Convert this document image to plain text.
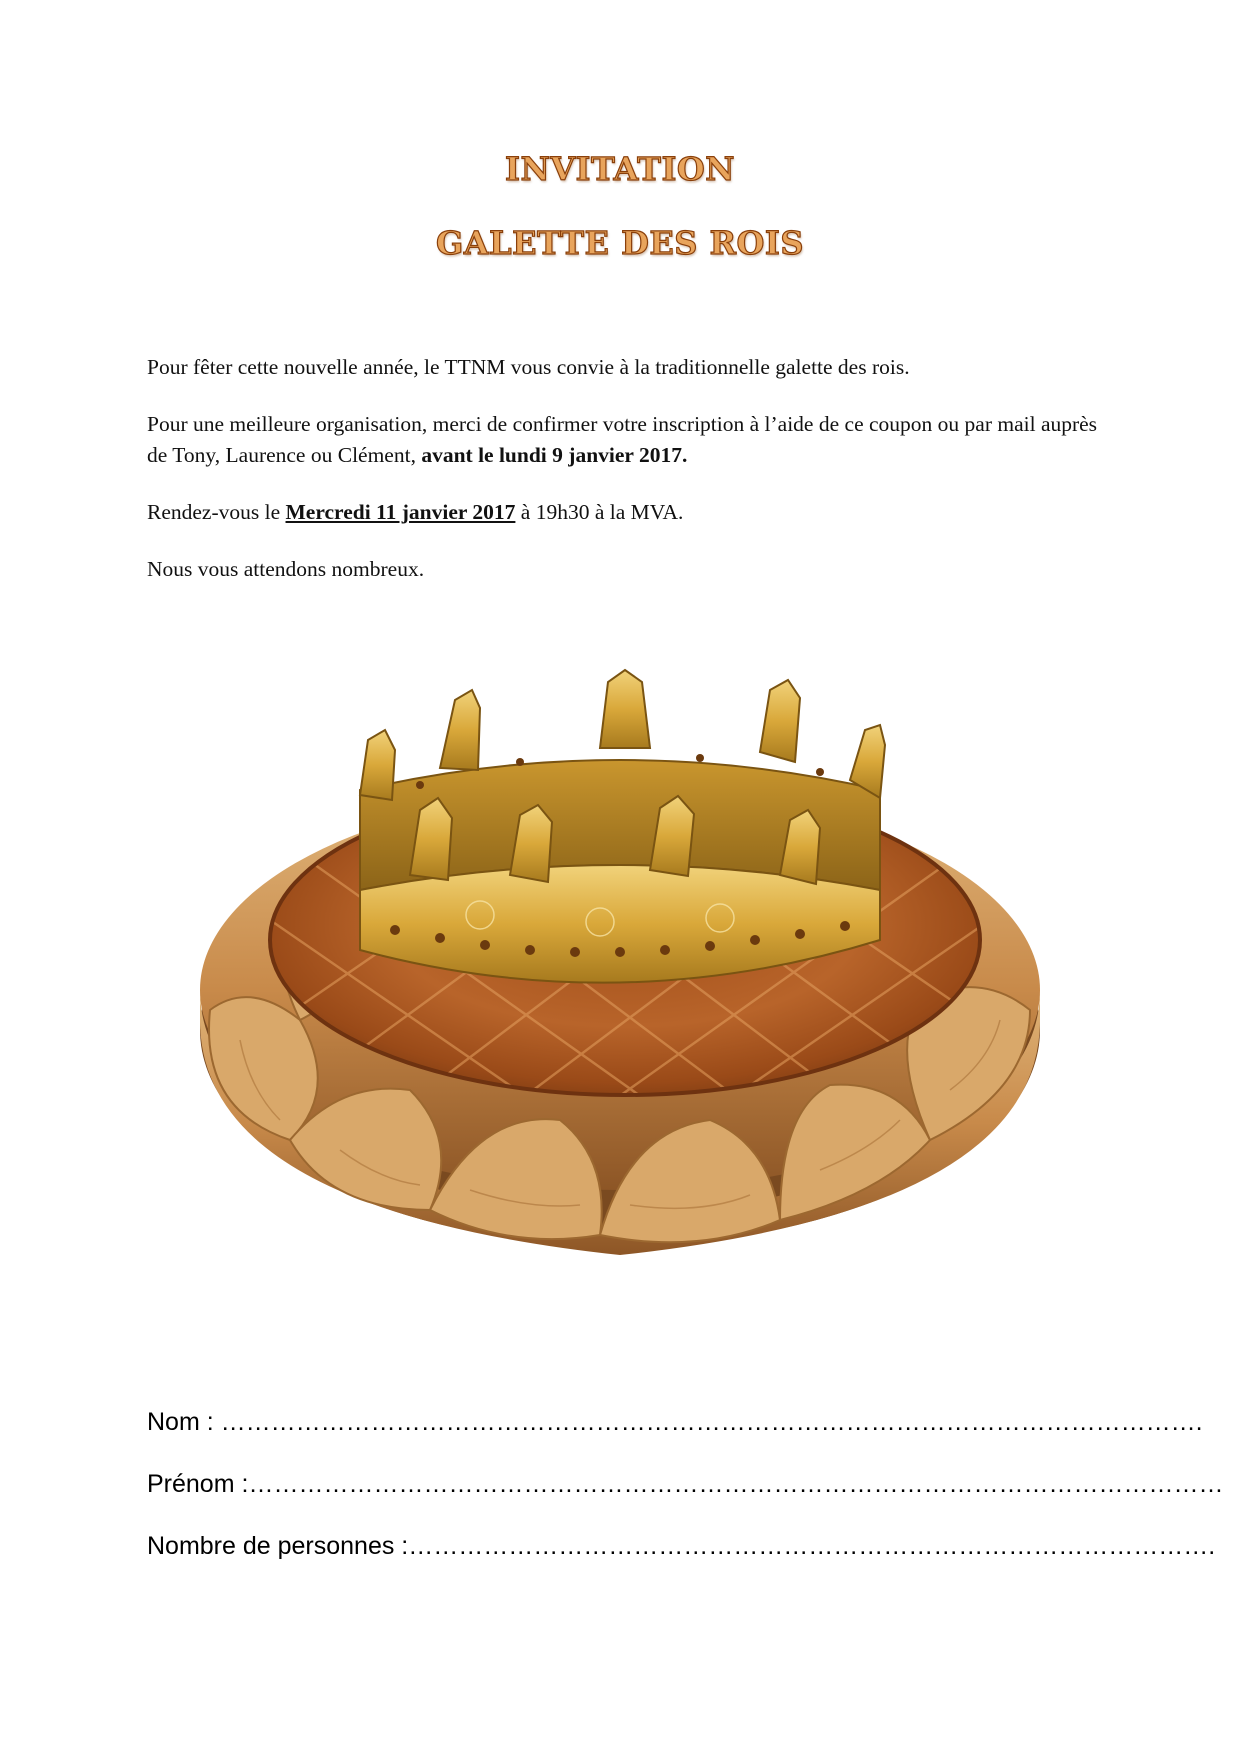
INVITATION
GALETTE DES ROIS
Pour fêter cette nouvelle année, le TTNM vous convie à la traditionnelle galette des rois.
Pour une meilleure organisation, merci de confirmer votre inscription à l’aide de ce coupon ou par mail auprès de Tony, Laurence ou Clément, avant le lundi 9 janvier 2017.
Rendez-vous le Mercredi 11 janvier 2017 à 19h30 à la MVA.
Nous vous attendons nombreux.
Nom : ……………………………………………………………………………………………………….
Prénom :………………………………………………………………………………………………………
Nombre de personnes :…………………………………………………………………………………….
